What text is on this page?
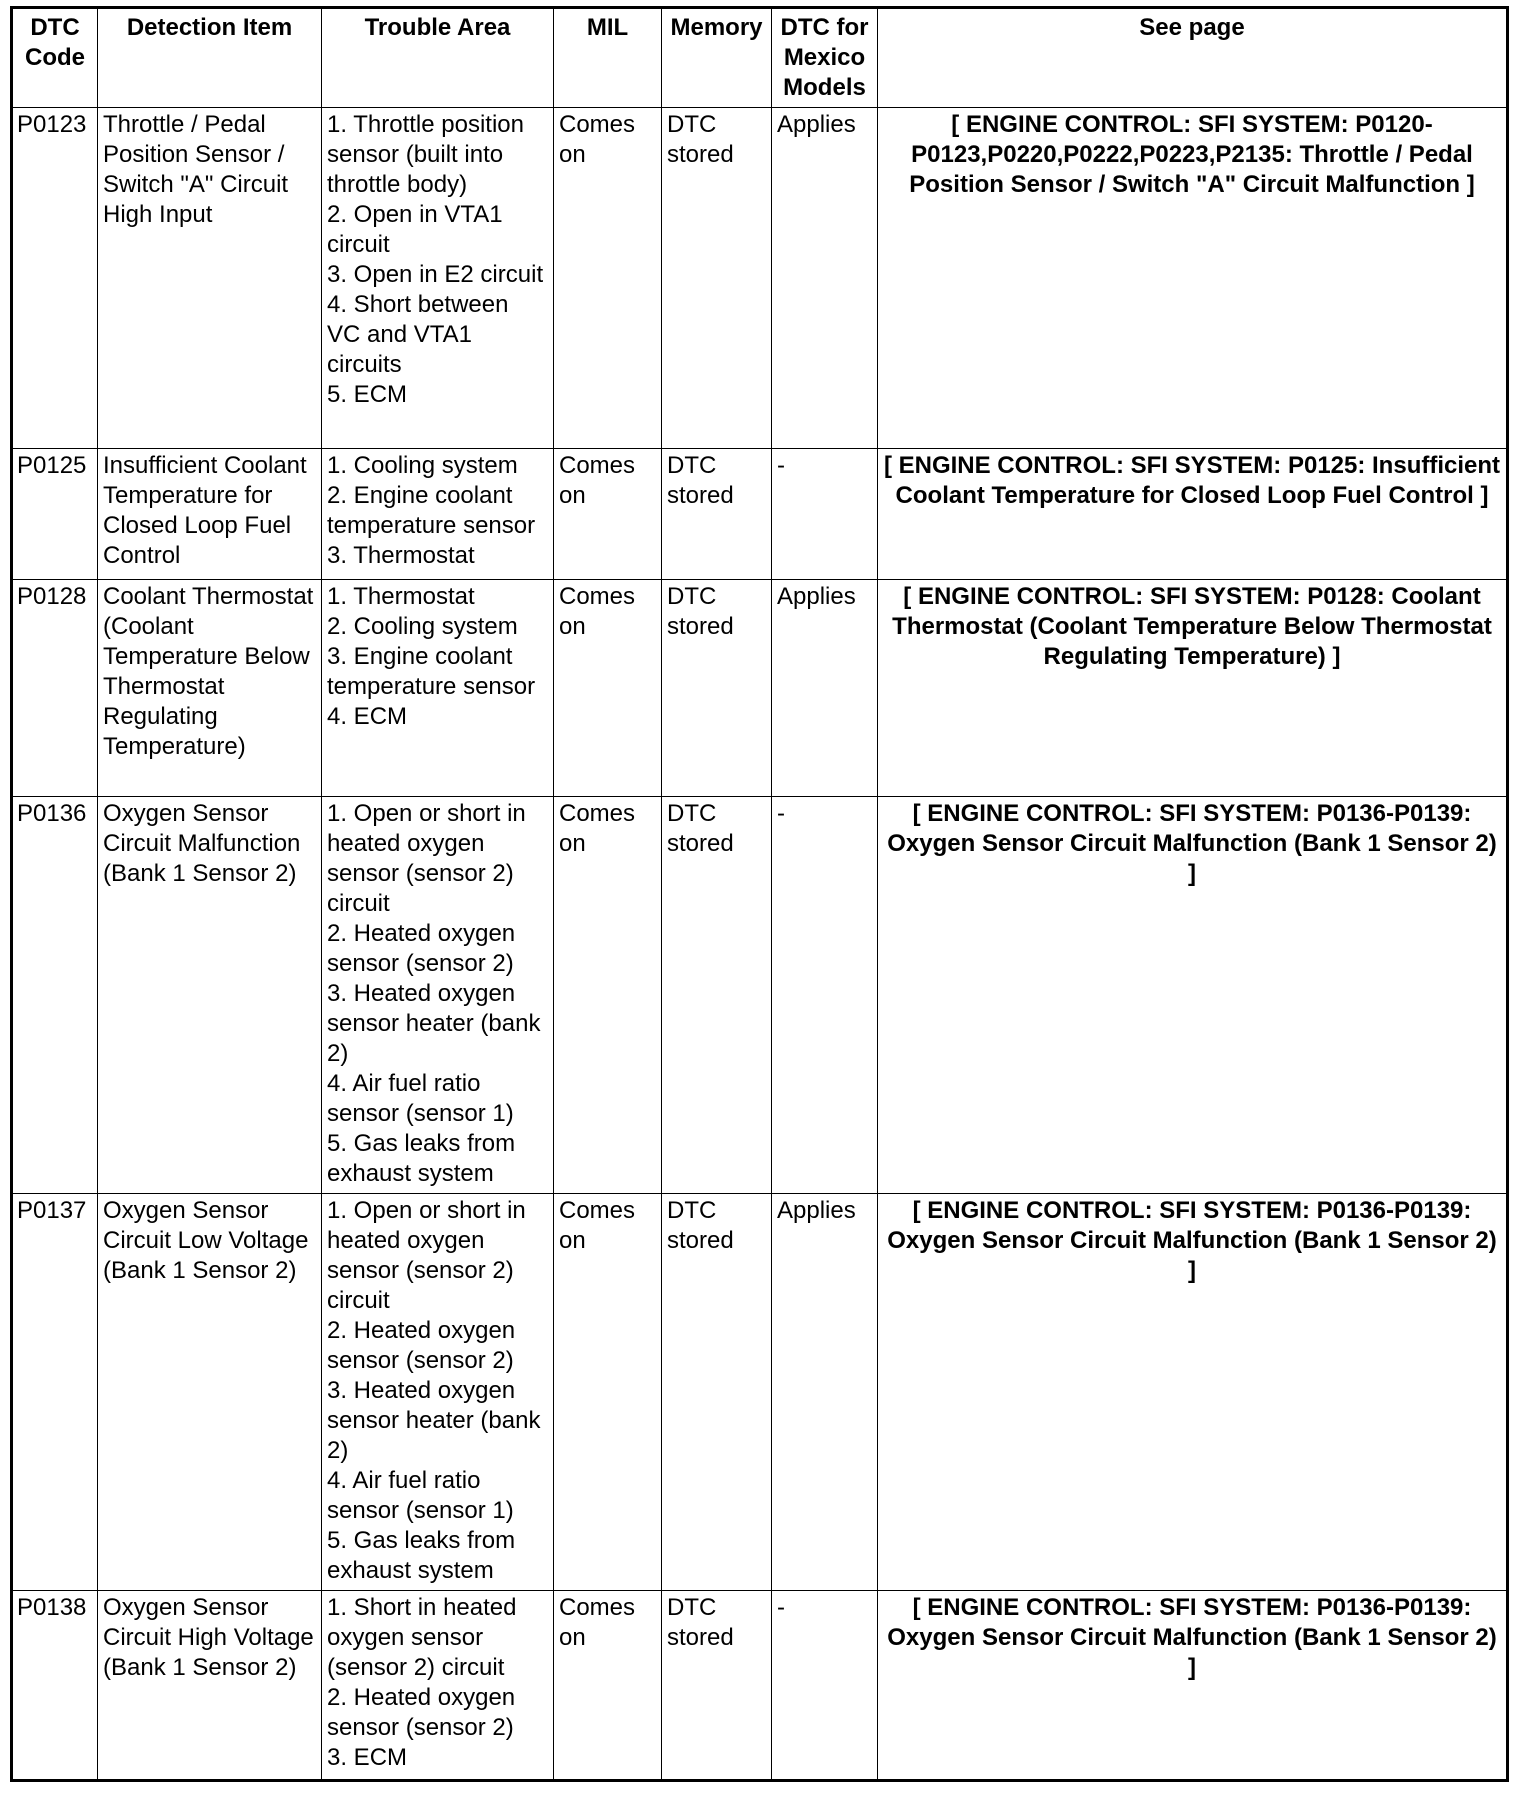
DTC Code	Detection Item	Trouble Area	MIL	Memory	DTC for Mexico Models	See page
P0123	Throttle / Pedal Position Sensor / Switch "A" Circuit High Input	1. Throttle position sensor (built into throttle body)
2. Open in VTA1 circuit
3. Open in E2 circuit
4. Short between VC and VTA1 circuits
5. ECM	Comes on	DTC stored	Applies	[ ENGINE CONTROL: SFI SYSTEM: P0120-P0123,P0220,P0222,P0223,P2135: Throttle / Pedal Position Sensor / Switch "A" Circuit Malfunction ]
P0125	Insufficient Coolant Temperature for Closed Loop Fuel Control	1. Cooling system
2. Engine coolant temperature sensor
3. Thermostat	Comes on	DTC stored	-	[ ENGINE CONTROL: SFI SYSTEM: P0125: Insufficient Coolant Temperature for Closed Loop Fuel Control ]
P0128	Coolant Thermostat (Coolant Temperature Below Thermostat Regulating Temperature)	1. Thermostat
2. Cooling system
3. Engine coolant temperature sensor
4. ECM	Comes on	DTC stored	Applies	[ ENGINE CONTROL: SFI SYSTEM: P0128: Coolant Thermostat (Coolant Temperature Below Thermostat Regulating Temperature) ]
P0136	Oxygen Sensor Circuit Malfunction (Bank 1 Sensor 2)	1. Open or short in heated oxygen sensor (sensor 2) circuit
2. Heated oxygen sensor (sensor 2)
3. Heated oxygen sensor heater (bank 2)
4. Air fuel ratio sensor (sensor 1)
5. Gas leaks from exhaust system	Comes on	DTC stored	-	[ ENGINE CONTROL: SFI SYSTEM: P0136-P0139: Oxygen Sensor Circuit Malfunction (Bank 1 Sensor 2) ]
P0137	Oxygen Sensor Circuit Low Voltage (Bank 1 Sensor 2)	1. Open or short in heated oxygen sensor (sensor 2) circuit
2. Heated oxygen sensor (sensor 2)
3. Heated oxygen sensor heater (bank 2)
4. Air fuel ratio sensor (sensor 1)
5. Gas leaks from exhaust system	Comes on	DTC stored	Applies	[ ENGINE CONTROL: SFI SYSTEM: P0136-P0139: Oxygen Sensor Circuit Malfunction (Bank 1 Sensor 2) ]
P0138	Oxygen Sensor Circuit High Voltage (Bank 1 Sensor 2)	1. Short in heated oxygen sensor (sensor 2) circuit
2. Heated oxygen sensor (sensor 2)
3. ECM	Comes on	DTC stored	-	[ ENGINE CONTROL: SFI SYSTEM: P0136-P0139: Oxygen Sensor Circuit Malfunction (Bank 1 Sensor 2) ]
